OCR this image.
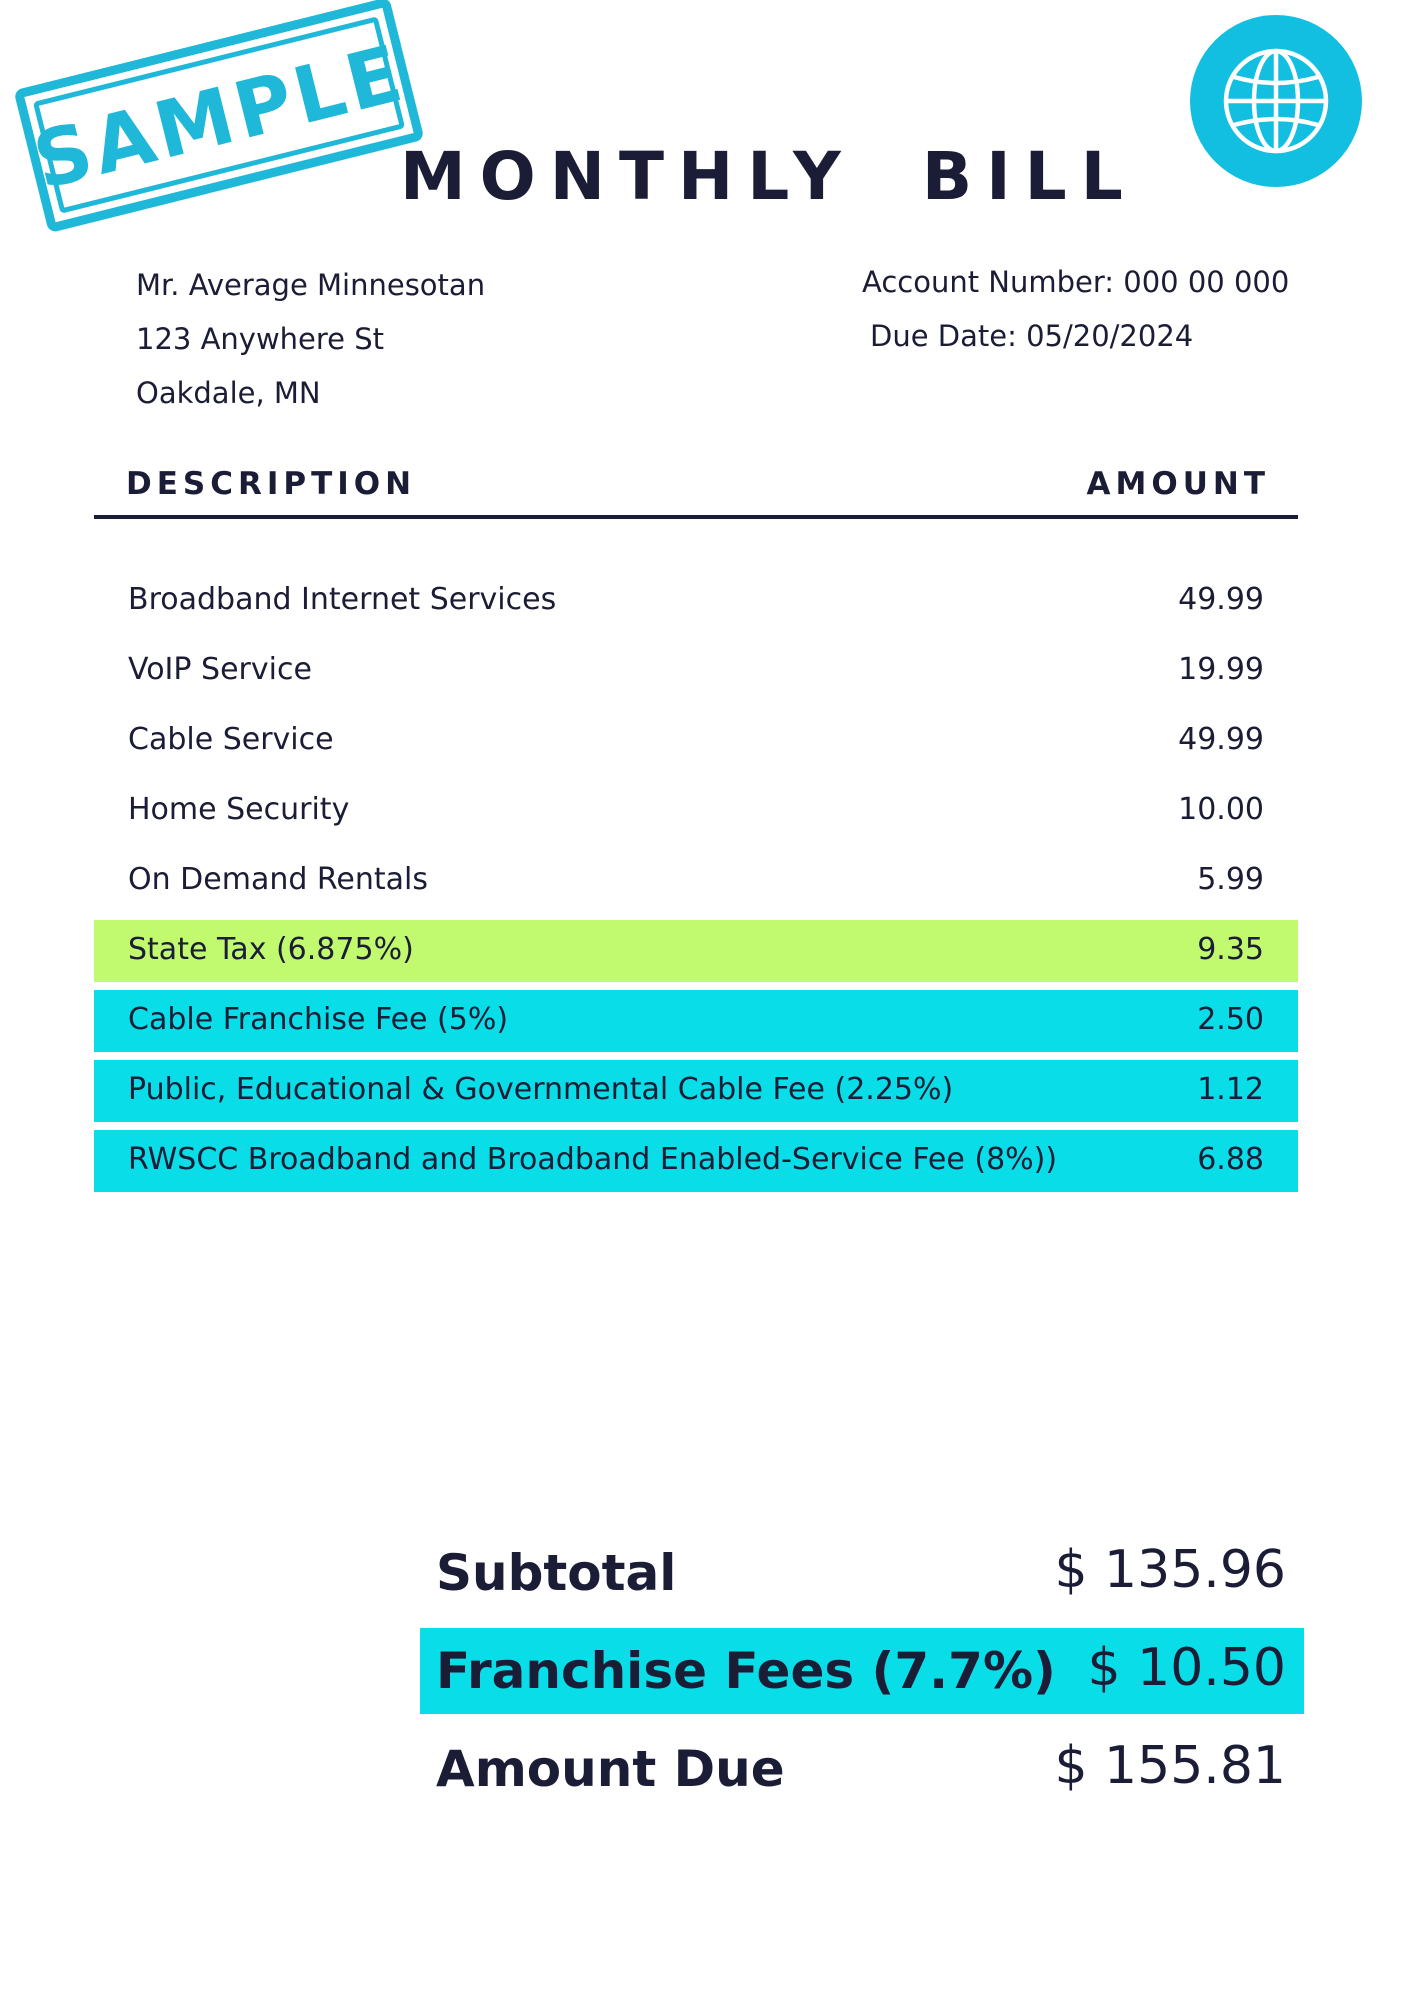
SAMPLE
MONTHLY BILL
Mr. Average Minnesotan
123 Anywhere St
Oakdale, MN
Account Number: 000 00 000
Due Date: 05/20/2024
DESCRIPTION	AMOUNT
Broadband Internet Services	49.99
VoIP Service	19.99
Cable Service	49.99
Home Security	10.00
On Demand Rentals	5.99
State Tax (6.875%)	9.35
Cable Franchise Fee (5%)	2.50
Public, Educational & Governmental Cable Fee (2.25%)	1.12
RWSCC Broadband and Broadband Enabled-Service Fee (8%))	6.88
Subtotal	$ 135.96
Franchise Fees (7.7%) $ 10.50
Amount Due	$ 155.81
